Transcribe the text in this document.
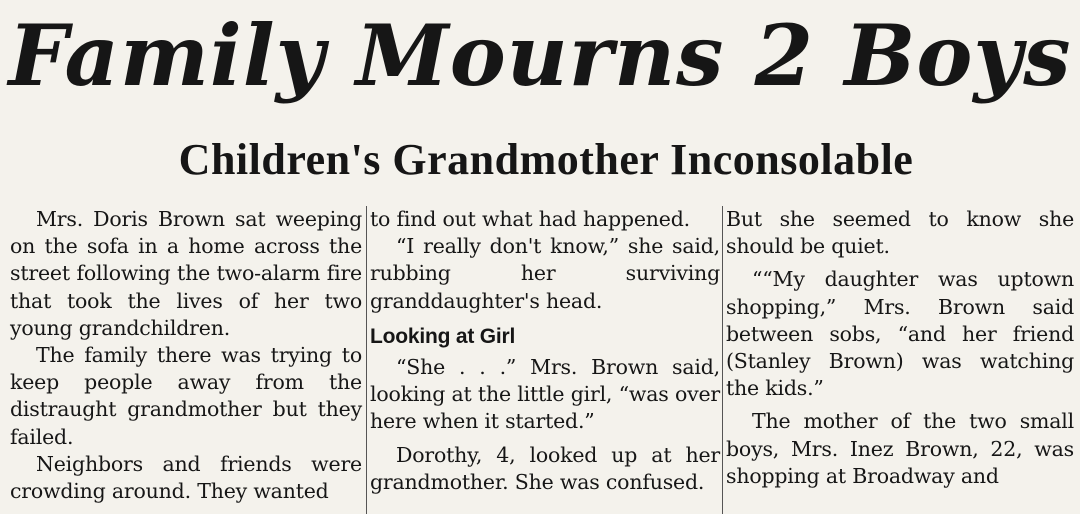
Family Mourns 2 Boys
Children's Grandmother Inconsolable

Mrs. Doris Brown sat weeping on the sofa in a home across the street following the two-alarm fire that took the lives of her two young grandchildren.

The family there was trying to keep people away from the distraught grandmother but they failed.

Neighbors and friends were crowding around. They wanted

to find out what had happened.

“I really don't know,” she said, rubbing her surviving granddaughter's head.

Looking at Girl

“She . . .” Mrs. Brown said, looking at the little girl, “was over here when it started.”

Dorothy, 4, looked up at her grandmother. She was confused.

But she seemed to know she should be quiet.

““My daughter was uptown shopping,” Mrs. Brown said between sobs, “and her friend (Stanley Brown) was watching the kids.”

The mother of the two small boys, Mrs. Inez Brown, 22, was shopping at Broadway and
